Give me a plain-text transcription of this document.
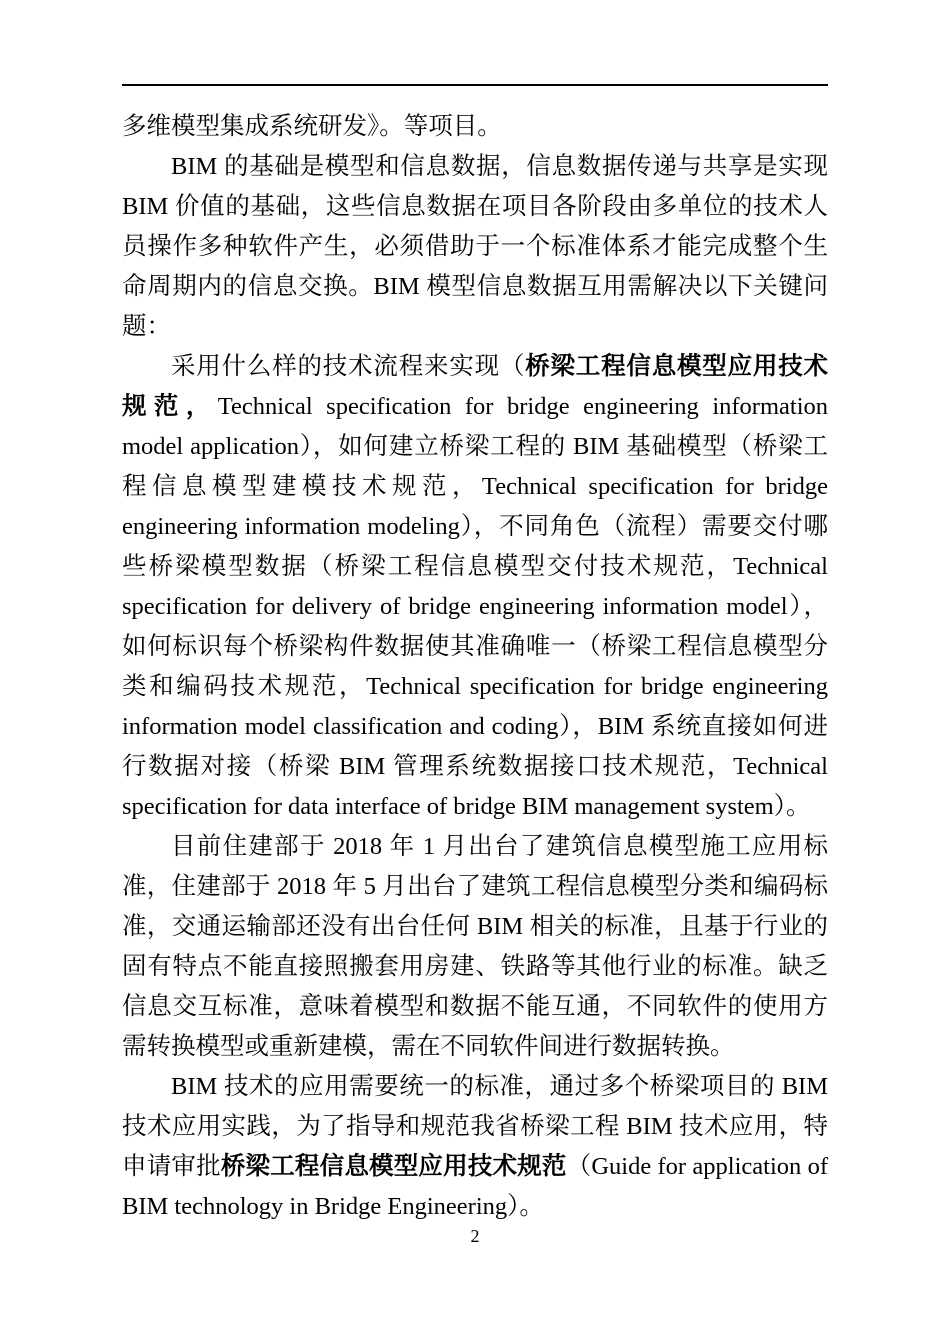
多维模型集成系统研发》。等项目。

BIM 的基础是模型和信息数据，信息数据传递与共享是实现 BIM 价值的基础，这些信息数据在项目各阶段由多单位的技术人员操作多种软件产生，必须借助于一个标准体系才能完成整个生命周期内的信息交换。BIM 模型信息数据互用需解决以下关键问题：

采用什么样的技术流程来实现（桥梁工程信息模型应用技术规范，Technical specification for bridge engineering information model application），如何建立桥梁工程的 BIM 基础模型（桥梁工程信息模型建模技术规范，Technical specification for bridge engineering information modeling），不同角色（流程）需要交付哪些桥梁模型数据（桥梁工程信息模型交付技术规范，Technical specification for delivery of bridge engineering information model），如何标识每个桥梁构件数据使其准确唯一（桥梁工程信息模型分类和编码技术规范，Technical specification for bridge engineering information model classification and coding），BIM 系统直接如何进行数据对接（桥梁 BIM 管理系统数据接口技术规范，Technical specification for data interface of bridge BIM management system）。

目前住建部于 2018 年 1 月出台了建筑信息模型施工应用标准，住建部于 2018 年 5 月出台了建筑工程信息模型分类和编码标准，交通运输部还没有出台任何 BIM 相关的标准，且基于行业的固有特点不能直接照搬套用房建、铁路等其他行业的标准。缺乏信息交互标准，意味着模型和数据不能互通，不同软件的使用方需转换模型或重新建模，需在不同软件间进行数据转换。

BIM 技术的应用需要统一的标准，通过多个桥梁项目的 BIM 技术应用实践，为了指导和规范我省桥梁工程 BIM 技术应用，特申请审批桥梁工程信息模型应用技术规范（Guide for application of BIM technology in Bridge Engineering）。

2
